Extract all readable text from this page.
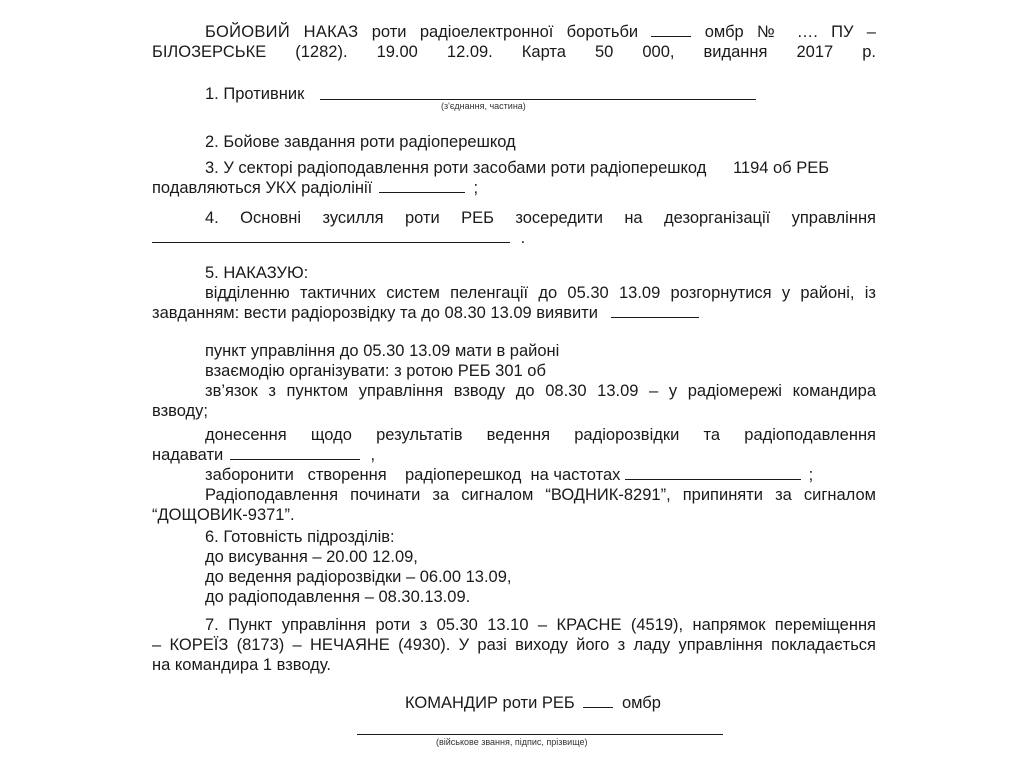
БОЙОВИЙ НАКАЗ роти радіоелектронної боротьби	омбр № …. ПУ –
БІЛОЗЕРСЬКЕ (1282). 19.00 12.09. Карта 50 000, видання 2017 р.
1. Противник
(з'єднання, частина)
2. Бойове завдання роти радіоперешкод
3. У секторі радіоподавлення роти засобами роти радіоперешкод 1194 об РЕБ
подавляються УКХ радіолінії	;
4. Основні зусилля роти РЕБ зосередити на дезорганізації управління
.
5. НАКАЗУЮ:
відділенню тактичних систем пеленгації до 05.30 13.09 розгорнутися у районі, із
завданням: вести радіорозвідку та до 08.30 13.09 виявити
пункт управління до 05.30 13.09 мати в районі
взаємодію організувати: з ротою РЕБ 301 об
зв’язок з пунктом управління взводу до 08.30 13.09 – у радіомережі командира
взводу;
донесення щодо результатів ведення радіорозвідки та радіоподавлення
надавати	,
заборонити   створення    радіоперешкод  на частотах	;
Радіоподавлення починати за сигналом “ВОДНИК-8291”, припиняти за сигналом
“ДОЩОВИК-9371”.
6. Готовність підрозділів:
до висування – 20.00 12.09,
до ведення радіорозвідки – 06.00 13.09,
до радіоподавлення – 08.30.13.09.
7. Пункт управління роти з 05.30 13.10 – КРАСНЕ (4519), напрямок переміщення
– КОРЕЇЗ (8173) – НЕЧАЯНЕ (4930). У разі виходу його з ладу управління покладається
на командира 1 взводу.
КОМАНДИР роти РЕБ	омбр
(військове звання, підпис, прізвище)
